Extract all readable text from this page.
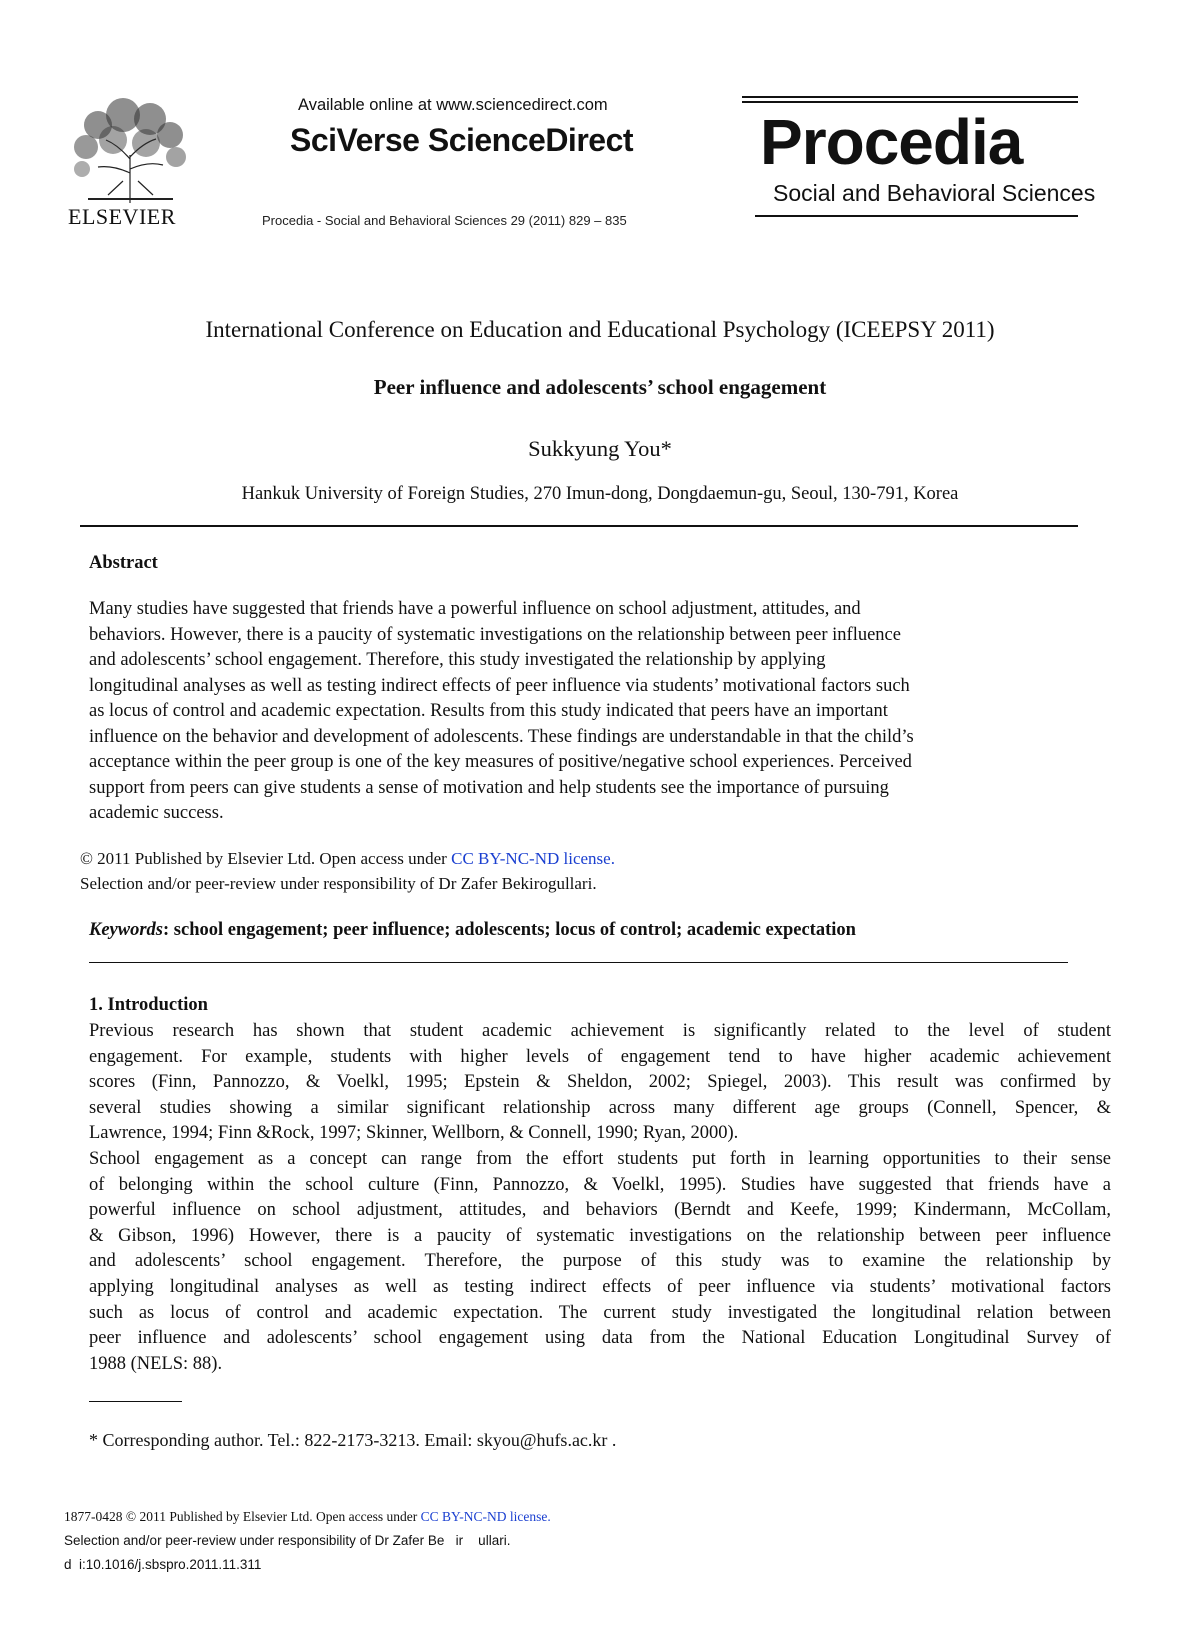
ELSEVIER
Available online at www.sciencedirect.com
SciVerse ScienceDirect
Procedia - Social and Behavioral Sciences 29 (2011) 829 – 835
Procedia
Social and Behavioral Sciences
International Conference on Education and Educational Psychology (ICEEPSY 2011)
Peer influence and adolescents’ school engagement
Sukkyung You*
Hankuk University of Foreign Studies, 270 Imun-dong, Dongdaemun-gu, Seoul, 130-791, Korea
Abstract
Many studies have suggested that friends have a powerful influence on school adjustment, attitudes, and
behaviors. However, there is a paucity of systematic investigations on the relationship between peer influence
and adolescents’ school engagement. Therefore, this study investigated the relationship by applying
longitudinal analyses as well as testing indirect effects of peer influence via students’ motivational factors such
as locus of control and academic expectation. Results from this study indicated that peers have an important
influence on the behavior and development of adolescents. These findings are understandable in that the child’s
acceptance within the peer group is one of the key measures of positive/negative school experiences. Perceived
support from peers can give students a sense of motivation and help students see the importance of pursuing
academic success.
© 2011 Published by Elsevier Ltd. Open access under CC BY-NC-ND license.
Selection and/or peer-review under responsibility of Dr Zafer Bekirogullari.
Keywords: school engagement; peer influence; adolescents; locus of control; academic expectation
1. Introduction
Previous research has shown that student academic achievement is significantly related to the level of student
engagement. For example, students with higher levels of engagement tend to have higher academic achievement
scores (Finn, Pannozzo, & Voelkl, 1995; Epstein & Sheldon, 2002; Spiegel, 2003). This result was confirmed by
several studies showing a similar significant relationship across many different age groups (Connell, Spencer, &
Lawrence, 1994; Finn &Rock, 1997; Skinner, Wellborn, & Connell, 1990; Ryan, 2000).
School engagement as a concept can range from the effort students put forth in learning opportunities to their sense
of belonging within the school culture (Finn, Pannozzo, & Voelkl, 1995). Studies have suggested that friends have a
powerful influence on school adjustment, attitudes, and behaviors (Berndt and Keefe, 1999; Kindermann, McCollam,
& Gibson, 1996) However, there is a paucity of systematic investigations on the relationship between peer influence
and adolescents’ school engagement. Therefore, the purpose of this study was to examine the relationship by
applying longitudinal analyses as well as testing indirect effects of peer influence via students’ motivational factors
such as locus of control and academic expectation. The current study investigated the longitudinal relation between
peer influence and adolescents’ school engagement using data from the National Education Longitudinal Survey of
1988 (NELS: 88).
* Corresponding author. Tel.: 822-2173-3213. Email: skyou@hufs.ac.kr .
1877-0428 © 2011 Published by Elsevier Ltd. Open access under CC BY-NC-ND license.
Selection and/or peer-review under responsibility of Dr Zafer Be   ir    ullari.
d  i:10.1016/j.sbspro.2011.11.311
